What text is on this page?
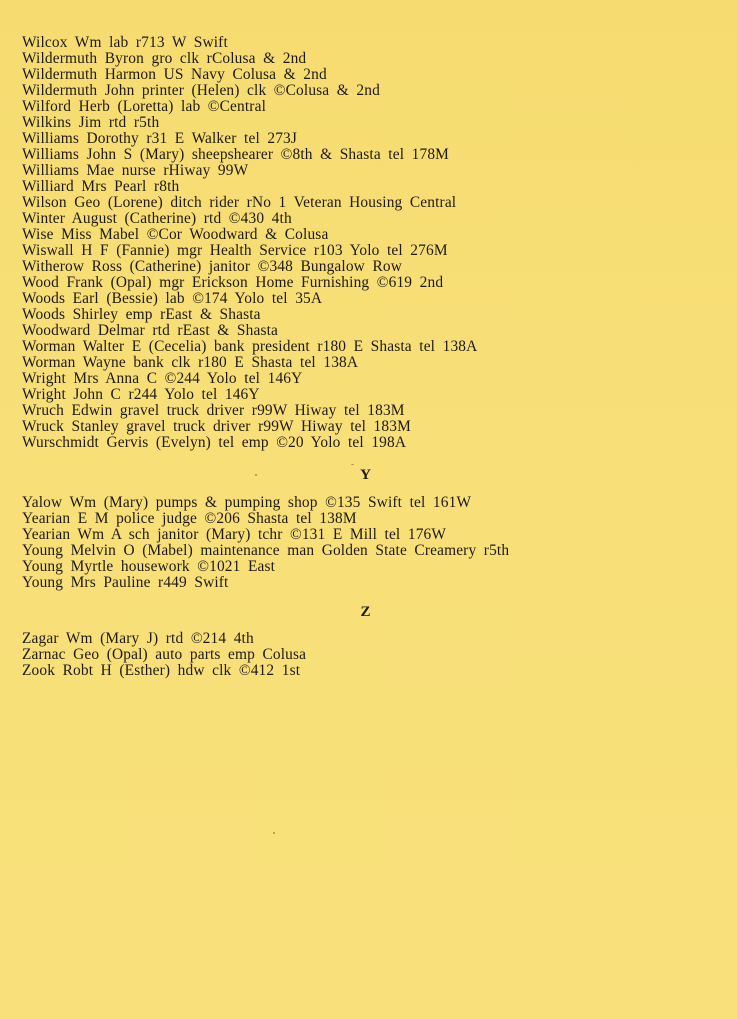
Wilcox Wm lab r713 W Swift
Wildermuth Byron gro clk rColusa & 2nd
Wildermuth Harmon US Navy Colusa & 2nd
Wildermuth John printer (Helen) clk ©Colusa & 2nd
Wilford Herb (Loretta) lab ©Central
Wilkins Jim rtd r5th
Williams Dorothy r31 E Walker tel 273J
Williams John S (Mary) sheepshearer ©8th & Shasta tel 178M
Williams Mae nurse rHiway 99W
Williard Mrs Pearl r8th
Wilson Geo (Lorene) ditch rider rNo 1 Veteran Housing Central
Winter August (Catherine) rtd ©430 4th
Wise Miss Mabel ©Cor Woodward & Colusa
Wiswall H F (Fannie) mgr Health Service r103 Yolo tel 276M
Witherow Ross (Catherine) janitor ©348 Bungalow Row
Wood Frank (Opal) mgr Erickson Home Furnishing ©619 2nd
Woods Earl (Bessie) lab ©174 Yolo tel 35A
Woods Shirley emp rEast & Shasta
Woodward Delmar rtd rEast & Shasta
Worman Walter E (Cecelia) bank president r180 E Shasta tel 138A
Worman Wayne bank clk r180 E Shasta tel 138A
Wright Mrs Anna C ©244 Yolo tel 146Y
Wright John C r244 Yolo tel 146Y
Wruch Edwin gravel truck driver r99W Hiway tel 183M
Wruck Stanley gravel truck driver r99W Hiway tel 183M
Wurschmidt Gervis (Evelyn) tel emp ©20 Yolo tel 198A
Y
Yalow Wm (Mary) pumps & pumping shop ©135 Swift tel 161W
Yearian E M police judge ©206 Shasta tel 138M
Yearian Wm A sch janitor (Mary) tchr ©131 E Mill tel 176W
Young Melvin O (Mabel) maintenance man Golden State Creamery r5th
Young Myrtle housework ©1021 East
Young Mrs Pauline r449 Swift
Z
Zagar Wm (Mary J) rtd ©214 4th
Zarnac Geo (Opal) auto parts emp Colusa
Zook Robt H (Esther) hdw clk ©412 1st
